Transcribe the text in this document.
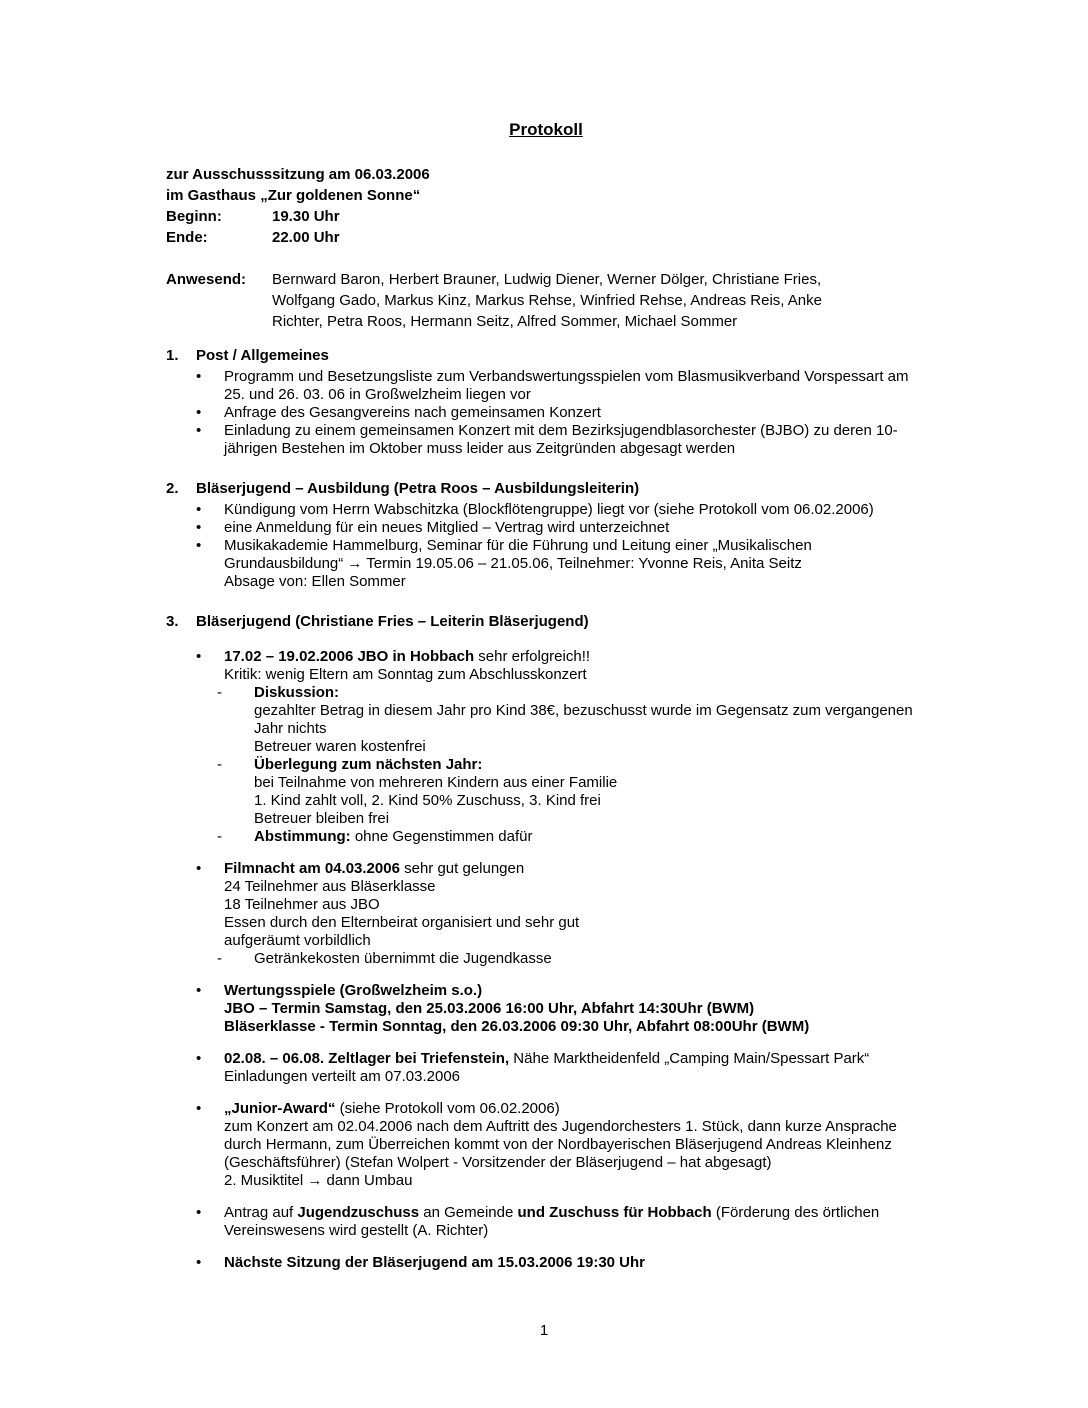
Protokoll
zur Ausschusssitzung am 06.03.2006
im Gasthaus „Zur goldenen Sonne“
Beginn:	19.30 Uhr
Ende:	22.00 Uhr
Anwesend:	Bernward Baron, Herbert Brauner, Ludwig Diener, Werner Dölger, Christiane Fries,
Wolfgang Gado, Markus Kinz, Markus Rehse, Winfried Rehse, Andreas Reis, Anke
Richter, Petra Roos, Hermann Seitz, Alfred Sommer, Michael Sommer
1.	Post / Allgemeines
• Programm und Besetzungsliste zum Verbandswertungsspielen vom Blasmusikverband Vorspessart am
25. und 26. 03. 06 in Großwelzheim liegen vor
• Anfrage des Gesangvereins nach gemeinsamen Konzert
• Einladung zu einem gemeinsamen Konzert mit dem Bezirksjugendblasorchester (BJBO) zu deren 10-
jährigen Bestehen im Oktober muss leider aus Zeitgründen abgesagt werden
2.	Bläserjugend – Ausbildung (Petra Roos – Ausbildungsleiterin)
• Kündigung vom Herrn Wabschitzka (Blockflötengruppe) liegt vor (siehe Protokoll vom 06.02.2006)
• eine Anmeldung für ein neues Mitglied – Vertrag wird unterzeichnet
• Musikakademie Hammelburg, Seminar für die Führung und Leitung einer „Musikalischen
Grundausbildung“ → Termin 19.05.06 – 21.05.06, Teilnehmer: Yvonne Reis, Anita Seitz
Absage von: Ellen Sommer
3.	Bläserjugend (Christiane Fries – Leiterin Bläserjugend)
• 17.02 – 19.02.2006 JBO in Hobbach sehr erfolgreich!!
Kritik: wenig Eltern am Sonntag zum Abschlusskonzert
- Diskussion:
gezahlter Betrag in diesem Jahr pro Kind 38€, bezuschusst wurde im Gegensatz zum vergangenen
Jahr nichts
Betreuer waren kostenfrei
- Überlegung zum nächsten Jahr:
bei Teilnahme von mehreren Kindern aus einer Familie
1. Kind zahlt voll, 2. Kind 50% Zuschuss, 3. Kind frei
Betreuer bleiben frei
- Abstimmung: ohne Gegenstimmen dafür
• Filmnacht am 04.03.2006 sehr gut gelungen
24 Teilnehmer aus Bläserklasse
18 Teilnehmer aus JBO
Essen durch den Elternbeirat organisiert und sehr gut
aufgeräumt vorbildlich
- Getränkekosten übernimmt die Jugendkasse
• Wertungsspiele (Großwelzheim s.o.)
JBO – Termin Samstag, den 25.03.2006 16:00 Uhr, Abfahrt 14:30Uhr (BWM)
Bläserklasse - Termin Sonntag, den 26.03.2006 09:30 Uhr, Abfahrt 08:00Uhr (BWM)
• 02.08. – 06.08. Zeltlager bei Triefenstein, Nähe Marktheidenfeld „Camping Main/Spessart Park“
Einladungen verteilt am 07.03.2006
• „Junior-Award“ (siehe Protokoll vom 06.02.2006)
zum Konzert am 02.04.2006 nach dem Auftritt des Jugendorchesters 1. Stück, dann kurze Ansprache
durch Hermann, zum Überreichen kommt von der Nordbayerischen Bläserjugend Andreas Kleinhenz
(Geschäftsführer) (Stefan Wolpert - Vorsitzender der Bläserjugend – hat abgesagt)
2. Musiktitel → dann Umbau
• Antrag auf Jugendzuschuss an Gemeinde und Zuschuss für Hobbach (Förderung des örtlichen
Vereinswesens wird gestellt (A. Richter)
• Nächste Sitzung der Bläserjugend am 15.03.2006 19:30 Uhr
1
